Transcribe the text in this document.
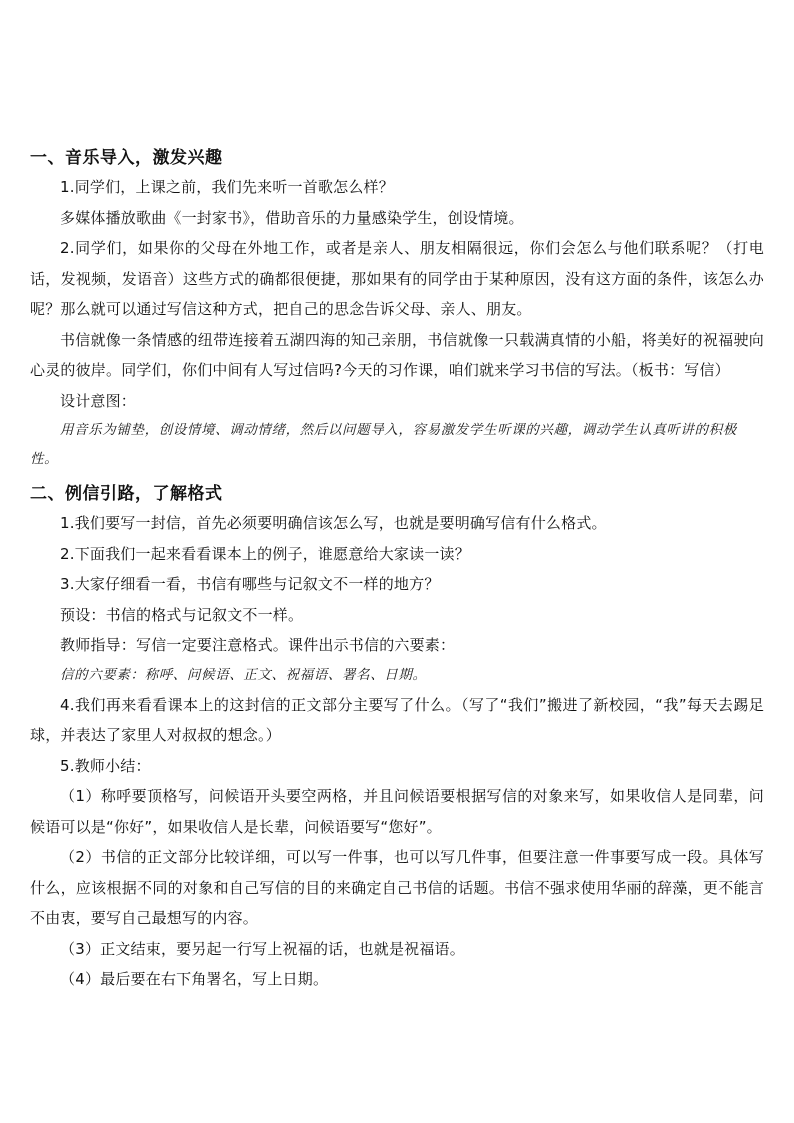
一、音乐导入，激发兴趣

1.同学们，上课之前，我们先来听一首歌怎么样？

多媒体播放歌曲《一封家书》，借助音乐的力量感染学生，创设情境。

2.同学们，如果你的父母在外地工作，或者是亲人、朋友相隔很远，你们会怎么与他们联系呢？（打电话，发视频，发语音）这些方式的确都很便捷，那如果有的同学由于某种原因，没有这方面的条件，该怎么办呢？那么就可以通过写信这种方式，把自己的思念告诉父母、亲人、朋友。

书信就像一条情感的纽带连接着五湖四海的知己亲朋，书信就像一只载满真情的小船，将美好的祝福驶向心灵的彼岸。同学们，你们中间有人写过信吗?今天的习作课，咱们就来学习书信的写法。（板书：写信）

设计意图：

用音乐为铺垫，创设情境、调动情绪，然后以问题导入，容易激发学生听课的兴趣，调动学生认真听讲的积极性。

二、例信引路，了解格式

1.我们要写一封信，首先必须要明确信该怎么写，也就是要明确写信有什么格式。

2.下面我们一起来看看课本上的例子，谁愿意给大家读一读？

3.大家仔细看一看，书信有哪些与记叙文不一样的地方？

预设：书信的格式与记叙文不一样。

教师指导：写信一定要注意格式。课件出示书信的六要素：

信的六要素：称呼、问候语、正文、祝福语、署名、日期。

4.我们再来看看课本上的这封信的正文部分主要写了什么。（写了“我们”搬进了新校园，“我”每天去踢足球，并表达了家里人对叔叔的想念。）

5.教师小结：

（1）称呼要顶格写，问候语开头要空两格，并且问候语要根据写信的对象来写，如果收信人是同辈，问候语可以是“你好”，如果收信人是长辈，问候语要写“您好”。

（2）书信的正文部分比较详细，可以写一件事，也可以写几件事，但要注意一件事要写成一段。具体写什么，应该根据不同的对象和自己写信的目的来确定自己书信的话题。书信不强求使用华丽的辞藻，更不能言不由衷，要写自己最想写的内容。

（3）正文结束，要另起一行写上祝福的话，也就是祝福语。

（4）最后要在右下角署名，写上日期。
